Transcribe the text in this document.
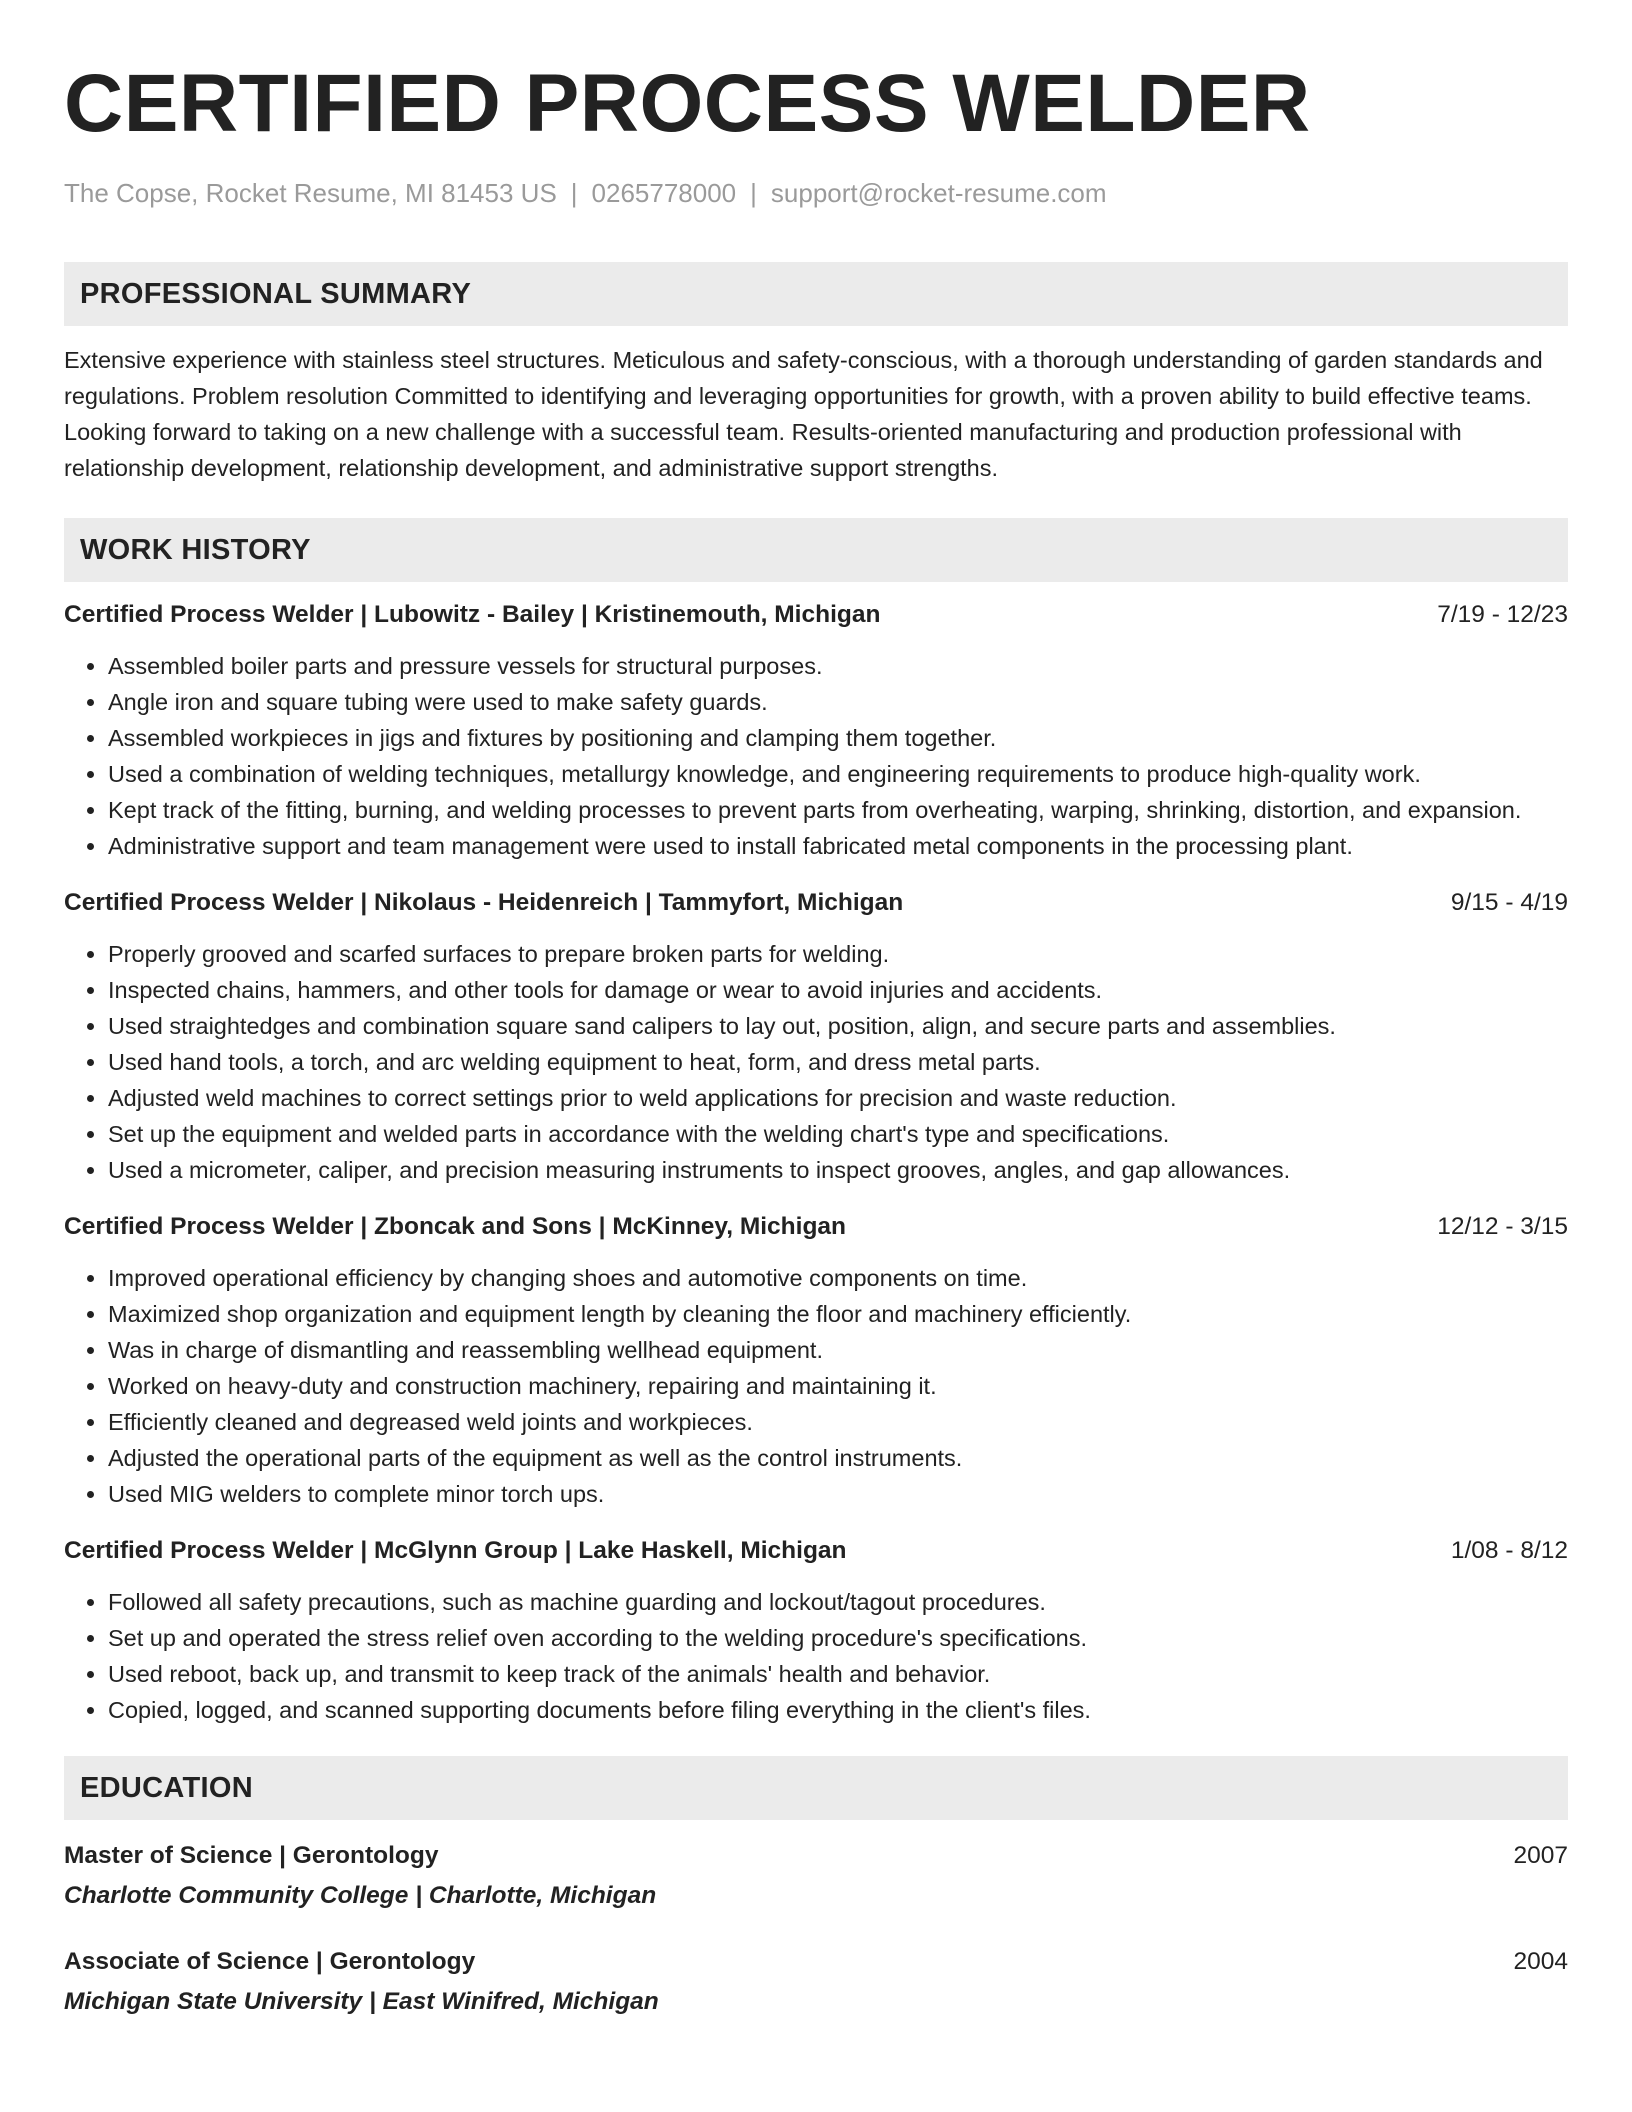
CERTIFIED PROCESS WELDER
The Copse, Rocket Resume, MI 81453 US | 0265778000 | support@rocket-resume.com
PROFESSIONAL SUMMARY

Extensive experience with stainless steel structures. Meticulous and safety-conscious, with a thorough understanding of garden standards and regulations. Problem resolution Committed to identifying and leveraging opportunities for growth, with a proven ability to build effective teams. Looking forward to taking on a new challenge with a successful team. Results-oriented manufacturing and production professional with relationship development, relationship development, and administrative support strengths.

WORK HISTORY
Certified Process Welder | Lubowitz - Bailey | Kristinemouth, Michigan	7/19 - 12/23
• Assembled boiler parts and pressure vessels for structural purposes.
• Angle iron and square tubing were used to make safety guards.
• Assembled workpieces in jigs and fixtures by positioning and clamping them together.
• Used a combination of welding techniques, metallurgy knowledge, and engineering requirements to produce high-quality work.
• Kept track of the fitting, burning, and welding processes to prevent parts from overheating, warping, shrinking, distortion, and expansion.
• Administrative support and team management were used to install fabricated metal components in the processing plant.
Certified Process Welder | Nikolaus - Heidenreich | Tammyfort, Michigan	9/15 - 4/19
• Properly grooved and scarfed surfaces to prepare broken parts for welding.
• Inspected chains, hammers, and other tools for damage or wear to avoid injuries and accidents.
• Used straightedges and combination square sand calipers to lay out, position, align, and secure parts and assemblies.
• Used hand tools, a torch, and arc welding equipment to heat, form, and dress metal parts.
• Adjusted weld machines to correct settings prior to weld applications for precision and waste reduction.
• Set up the equipment and welded parts in accordance with the welding chart's type and specifications.
• Used a micrometer, caliper, and precision measuring instruments to inspect grooves, angles, and gap allowances.
Certified Process Welder | Zboncak and Sons | McKinney, Michigan	12/12 - 3/15
• Improved operational efficiency by changing shoes and automotive components on time.
• Maximized shop organization and equipment length by cleaning the floor and machinery efficiently.
• Was in charge of dismantling and reassembling wellhead equipment.
• Worked on heavy-duty and construction machinery, repairing and maintaining it.
• Efficiently cleaned and degreased weld joints and workpieces.
• Adjusted the operational parts of the equipment as well as the control instruments.
• Used MIG welders to complete minor torch ups.
Certified Process Welder | McGlynn Group | Lake Haskell, Michigan	1/08 - 8/12
• Followed all safety precautions, such as machine guarding and lockout/tagout procedures.
• Set up and operated the stress relief oven according to the welding procedure's specifications.
• Used reboot, back up, and transmit to keep track of the animals' health and behavior.
• Copied, logged, and scanned supporting documents before filing everything in the client's files.
EDUCATION
Master of Science | Gerontology	2007
Charlotte Community College | Charlotte, Michigan
Associate of Science | Gerontology	2004
Michigan State University | East Winifred, Michigan
